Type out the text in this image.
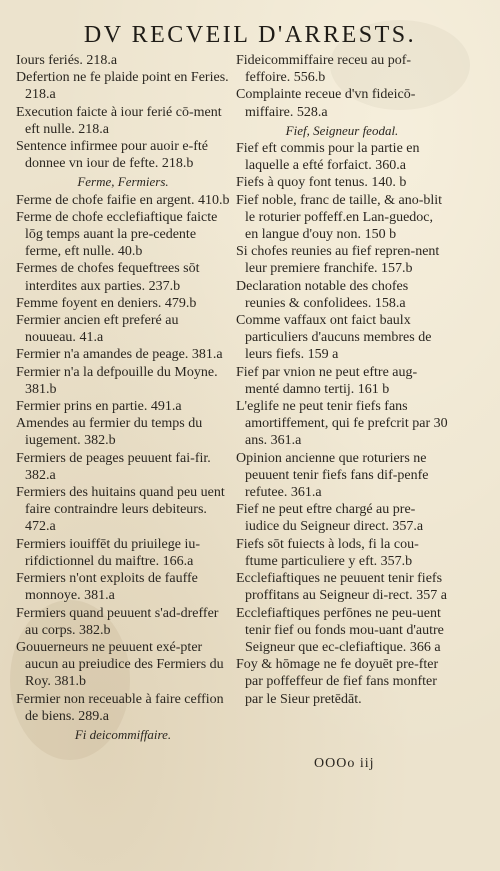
DV RECVEIL D'ARRESTS.

Iours feriés. 218.a

Defertion ne fe plaide point en Feries. 218.a

Execution faicte à iour ferié cō-ment eft nulle. 218.a

Sentence infirmee pour auoir e-fté donnee vn iour de fefte. 218.b

Ferme, Fermiers.

Ferme de chofe faifie en argent. 410.b

Ferme de chofe ecclefiaftique faicte lōg temps auant la pre-cedente ferme, eft nulle. 40.b

Fermes de chofes fequeftrees sōt interdites aux parties. 237.b

Femme foyent en deniers. 479.b

Fermier ancien eft preferé au nouueau. 41.a

Fermier n'a amandes de peage. 381.a

Fermier n'a la defpouille du Moyne. 381.b

Fermier prins en partie. 491.a

Amendes au fermier du temps du iugement. 382.b

Fermiers de peages peuuent fai-fir. 382.a

Fermiers des huitains quand peu uent faire contraindre leurs debiteurs. 472.a

Fermiers iouiffēt du priuilege iu-rifdictionnel du maiftre. 166.a

Fermiers n'ont exploits de fauffe monnoye. 381.a

Fermiers quand peuuent s'ad-dreffer au corps. 382.b

Gouuerneurs ne peuuent exé-pter aucun au preiudice des Fermiers du Roy. 381.b

Fermier non receuable à faire ceffion de biens. 289.a

Fi deicommiffaire.

Fideicommiffaire receu au pof-feffoire. 556.b

Complainte receue d'vn fideicō-miffaire. 528.a

Fief, Seigneur feodal.

Fief eft commis pour la partie en laquelle a efté forfaict. 360.a

Fiefs à quoy font tenus. 140. b

Fief noble, franc de taille, & ano-blit le roturier poffeff.en Lan-guedoc, en langue d'ouy non. 150 b

Si chofes reunies au fief repren-nent leur premiere franchife. 157.b

Declaration notable des chofes reunies & confolidees. 158.a

Comme vaffaux ont faict baulx particuliers d'aucuns membres de leurs fiefs. 159 a

Fief par vnion ne peut eftre aug-menté damno tertij. 161 b

L'eglife ne peut tenir fiefs fans amortiffement, qui fe prefcrit par 30 ans. 361.a

Opinion ancienne que roturiers ne peuuent tenir fiefs fans dif-penfe refutee. 361.a

Fief ne peut eftre chargé au pre-iudice du Seigneur direct. 357.a

Fiefs sōt fuiects à lods, fi la cou-ftume particuliere y eft. 357.b

Ecclefiaftiques ne peuuent tenir fiefs proffitans au Seigneur di-rect. 357 a

Ecclefiaftiques perfōnes ne peu-uent tenir fief ou fonds mou-uant d'autre Seigneur que ec-clefiaftique. 366 a

Foy & hōmage ne fe doyuēt pre-fter par poffeffeur de fief fans monfter par le Sieur pretēdāt.

OOOo iij
